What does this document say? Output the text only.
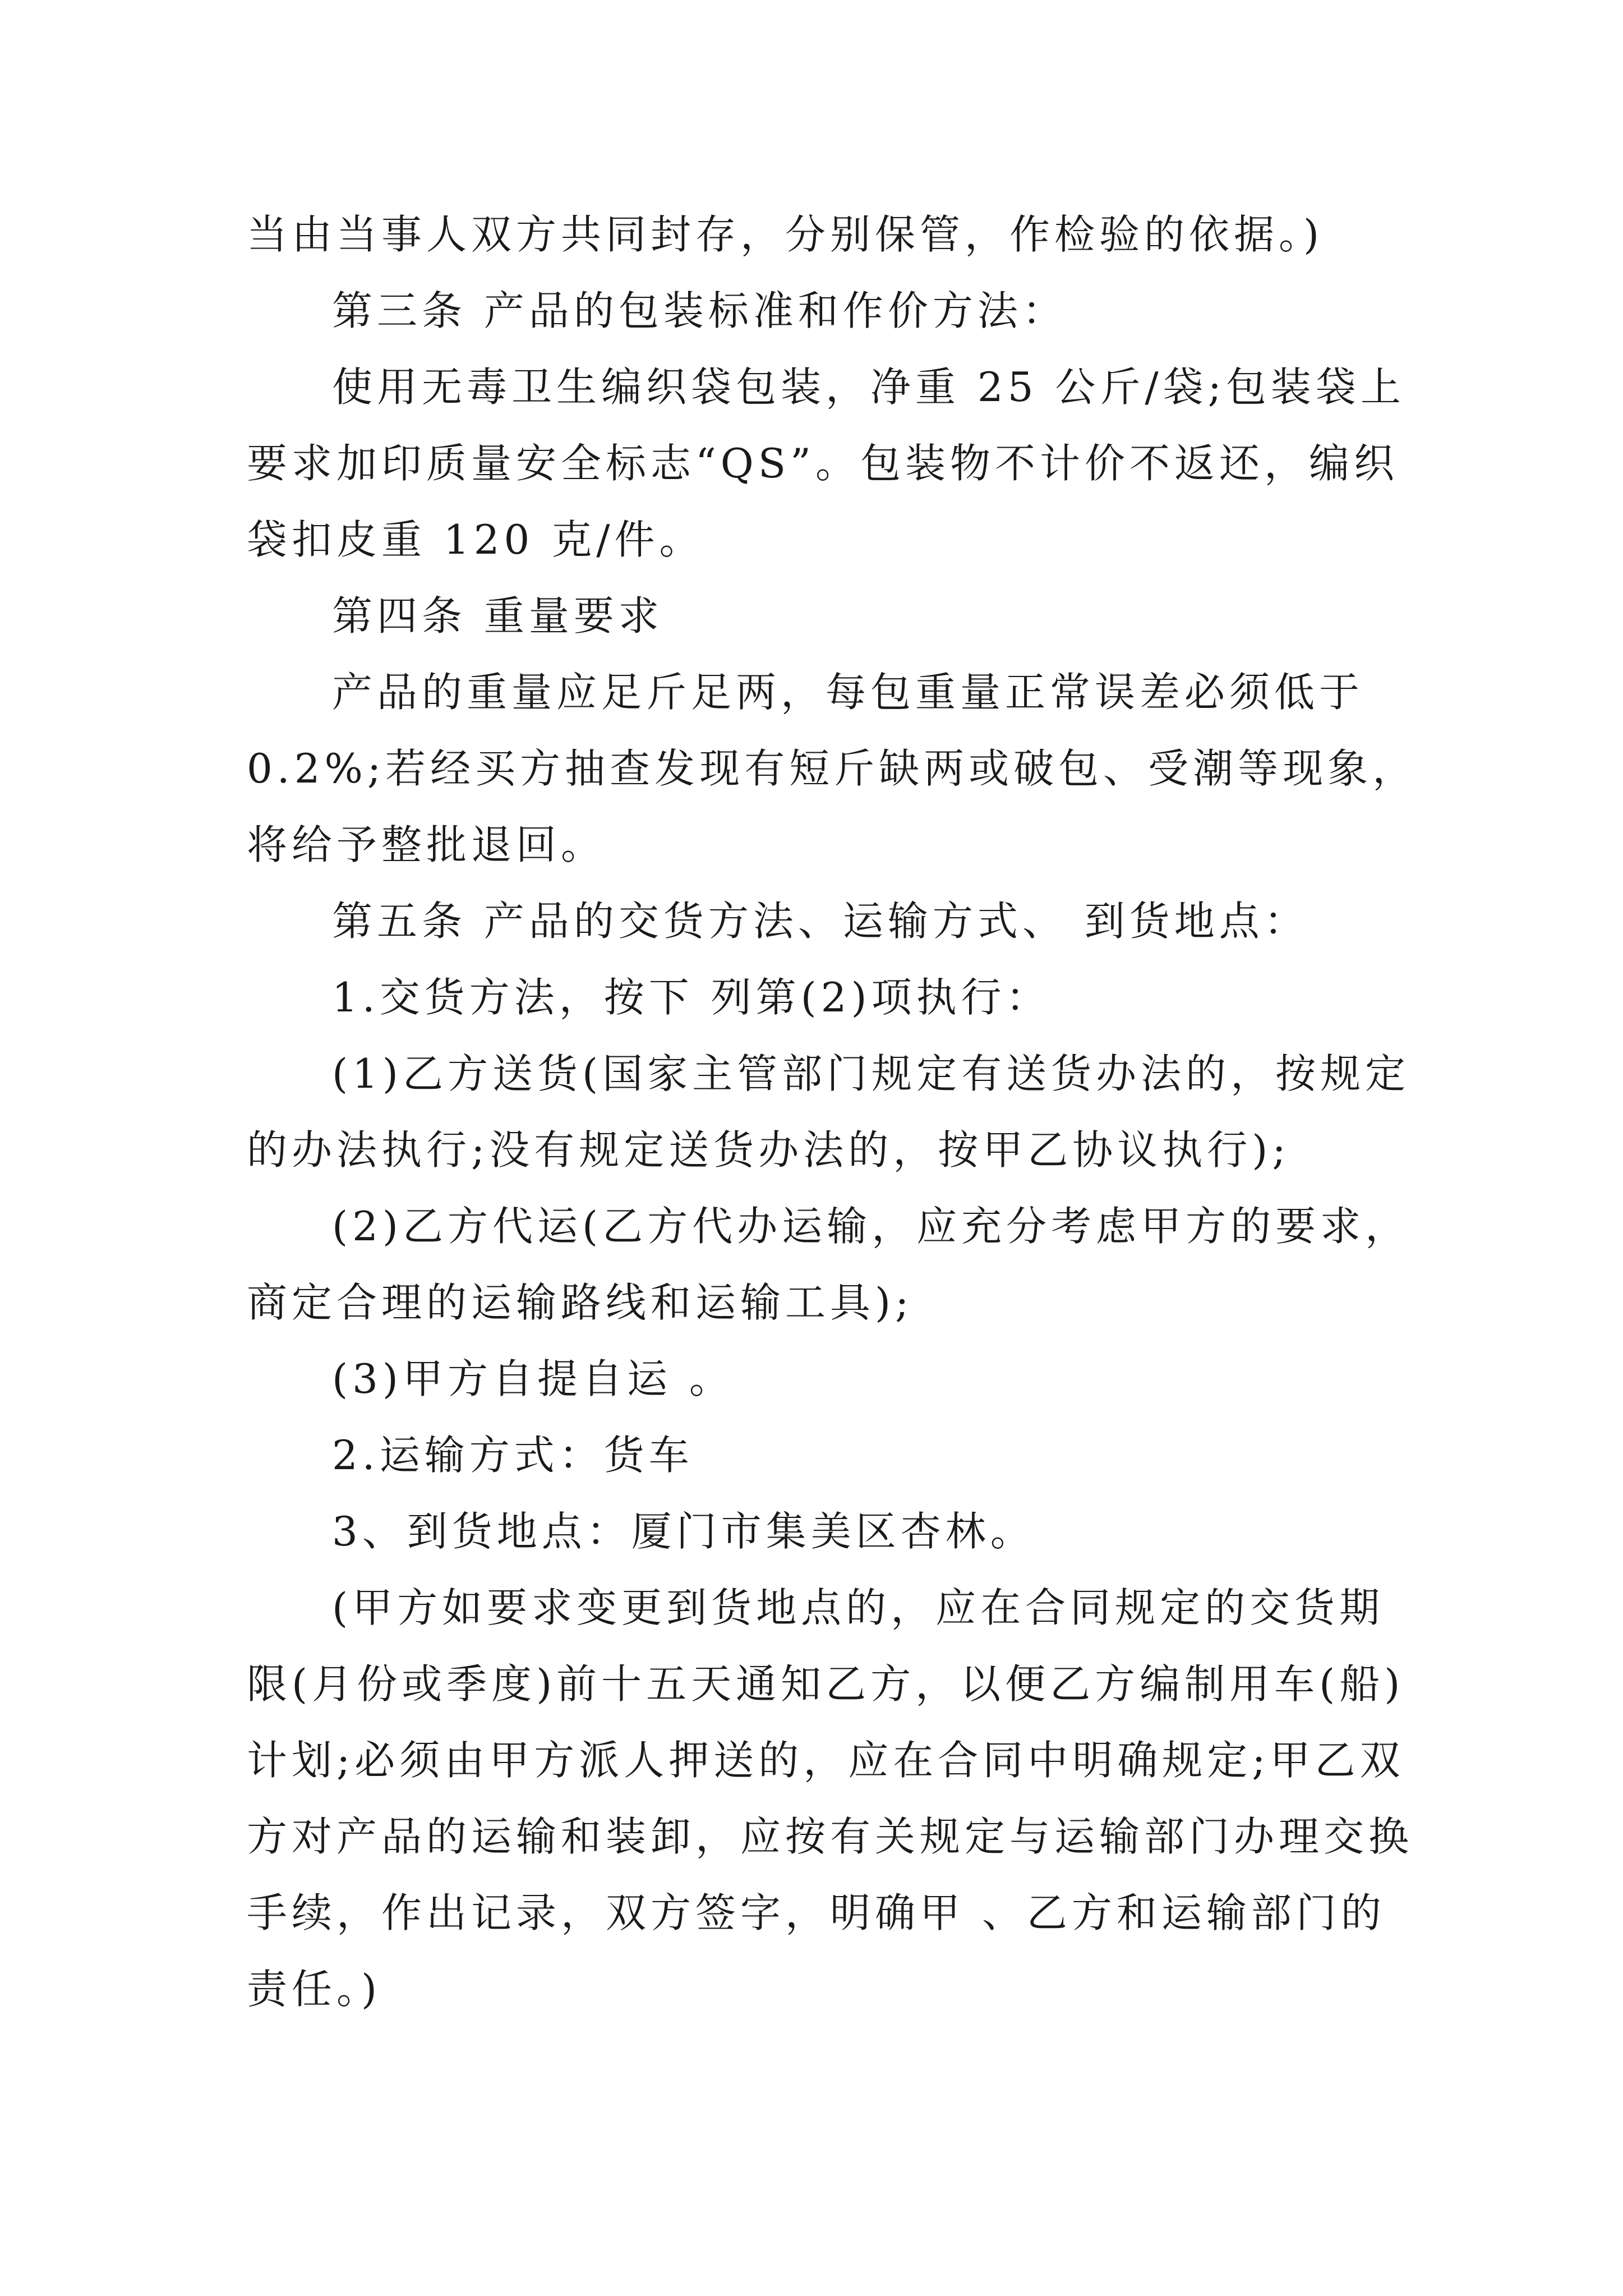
当由当事人双方共同封存，分别保管，作检验的依据。)
第三条 产品的包装标准和作价方法：
使用无毒卫生编织袋包装，净重 25 公斤/袋;包装袋上
要求加印质量安全标志“QS”。包装物不计价不返还，编织
袋扣皮重 120 克/件。
第四条 重量要求
产品的重量应足斤足两，每包重量正常误差必须低于
0.2%;若经买方抽查发现有短斤缺两或破包、受潮等现象，
将给予整批退回。
第五条 产品的交货方法、运输方式、 到货地点：
1.交货方法，按下 列第(2)项执行：
(1)乙方送货(国家主管部门规定有送货办法的，按规定
的办法执行;没有规定送货办法的，按甲乙协议执行);
(2)乙方代运(乙方代办运输，应充分考虑甲方的要求，
商定合理的运输路线和运输工具);
(3)甲方自提自运 。
2.运输方式：货车
3、到货地点：厦门市集美区杏林。
(甲方如要求变更到货地点的，应在合同规定的交货期
限(月份或季度)前十五天通知乙方，以便乙方编制用车(船)
计划;必须由甲方派人押送的，应在合同中明确规定;甲乙双
方对产品的运输和装卸，应按有关规定与运输部门办理交换
手续，作出记录，双方签字，明确甲 、乙方和运输部门的
责任。)
